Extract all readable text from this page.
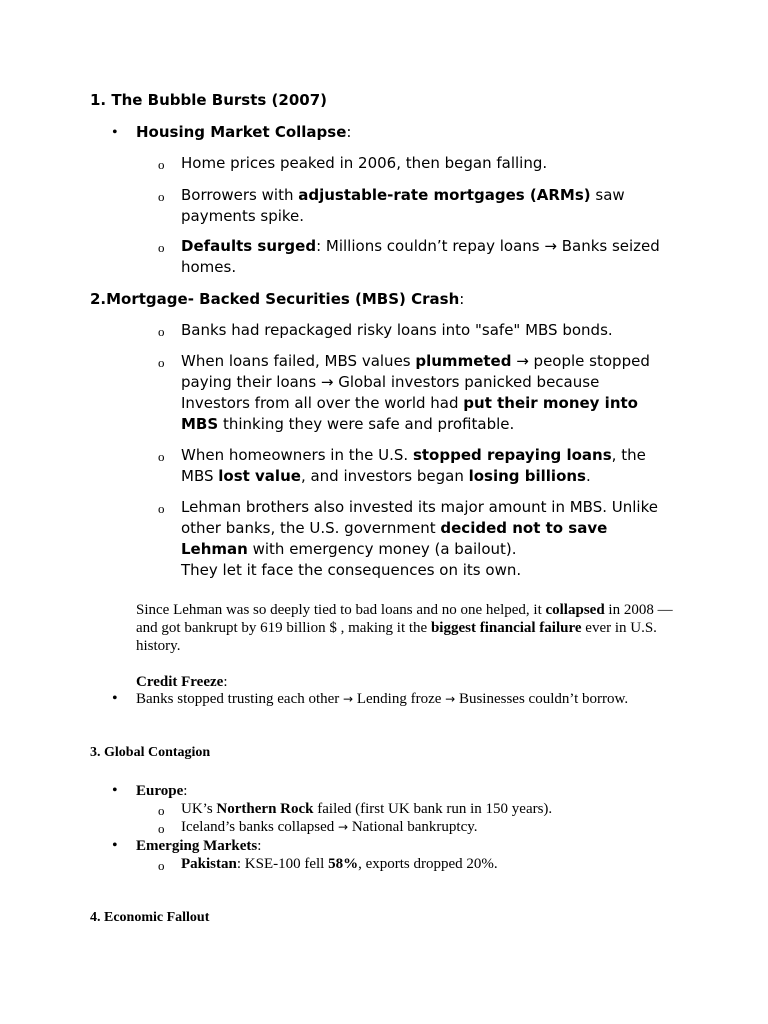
1. The Bubble Bursts (2007)
• Housing Market Collapse:
o Home prices peaked in 2006, then began falling.
o Borrowers with adjustable-rate mortgages (ARMs) saw
payments spike.
o Defaults surged: Millions couldn’t repay loans → Banks seized
homes.
2.Mortgage- Backed Securities (MBS) Crash:
o Banks had repackaged risky loans into "safe" MBS bonds.
o When loans failed, MBS values plummeted → people stopped
paying their loans → Global investors panicked because
Investors from all over the world had put their money into
MBS thinking they were safe and profitable.
o When homeowners in the U.S. stopped repaying loans, the
MBS lost value, and investors began losing billions.
o Lehman brothers also invested its major amount in MBS. Unlike
other banks, the U.S. government decided not to save
Lehman with emergency money (a bailout).
They let it face the consequences on its own.
Since Lehman was so deeply tied to bad loans and no one helped, it collapsed in 2008 —
and got bankrupt by 619 billion $ , making it the biggest financial failure ever in U.S.
history.
Credit Freeze:
• Banks stopped trusting each other → Lending froze → Businesses couldn’t borrow.
3. Global Contagion
• Europe:
o UK’s Northern Rock failed (first UK bank run in 150 years).
o Iceland’s banks collapsed → National bankruptcy.
• Emerging Markets:
o Pakistan: KSE-100 fell 58%, exports dropped 20%.
4. Economic Fallout
